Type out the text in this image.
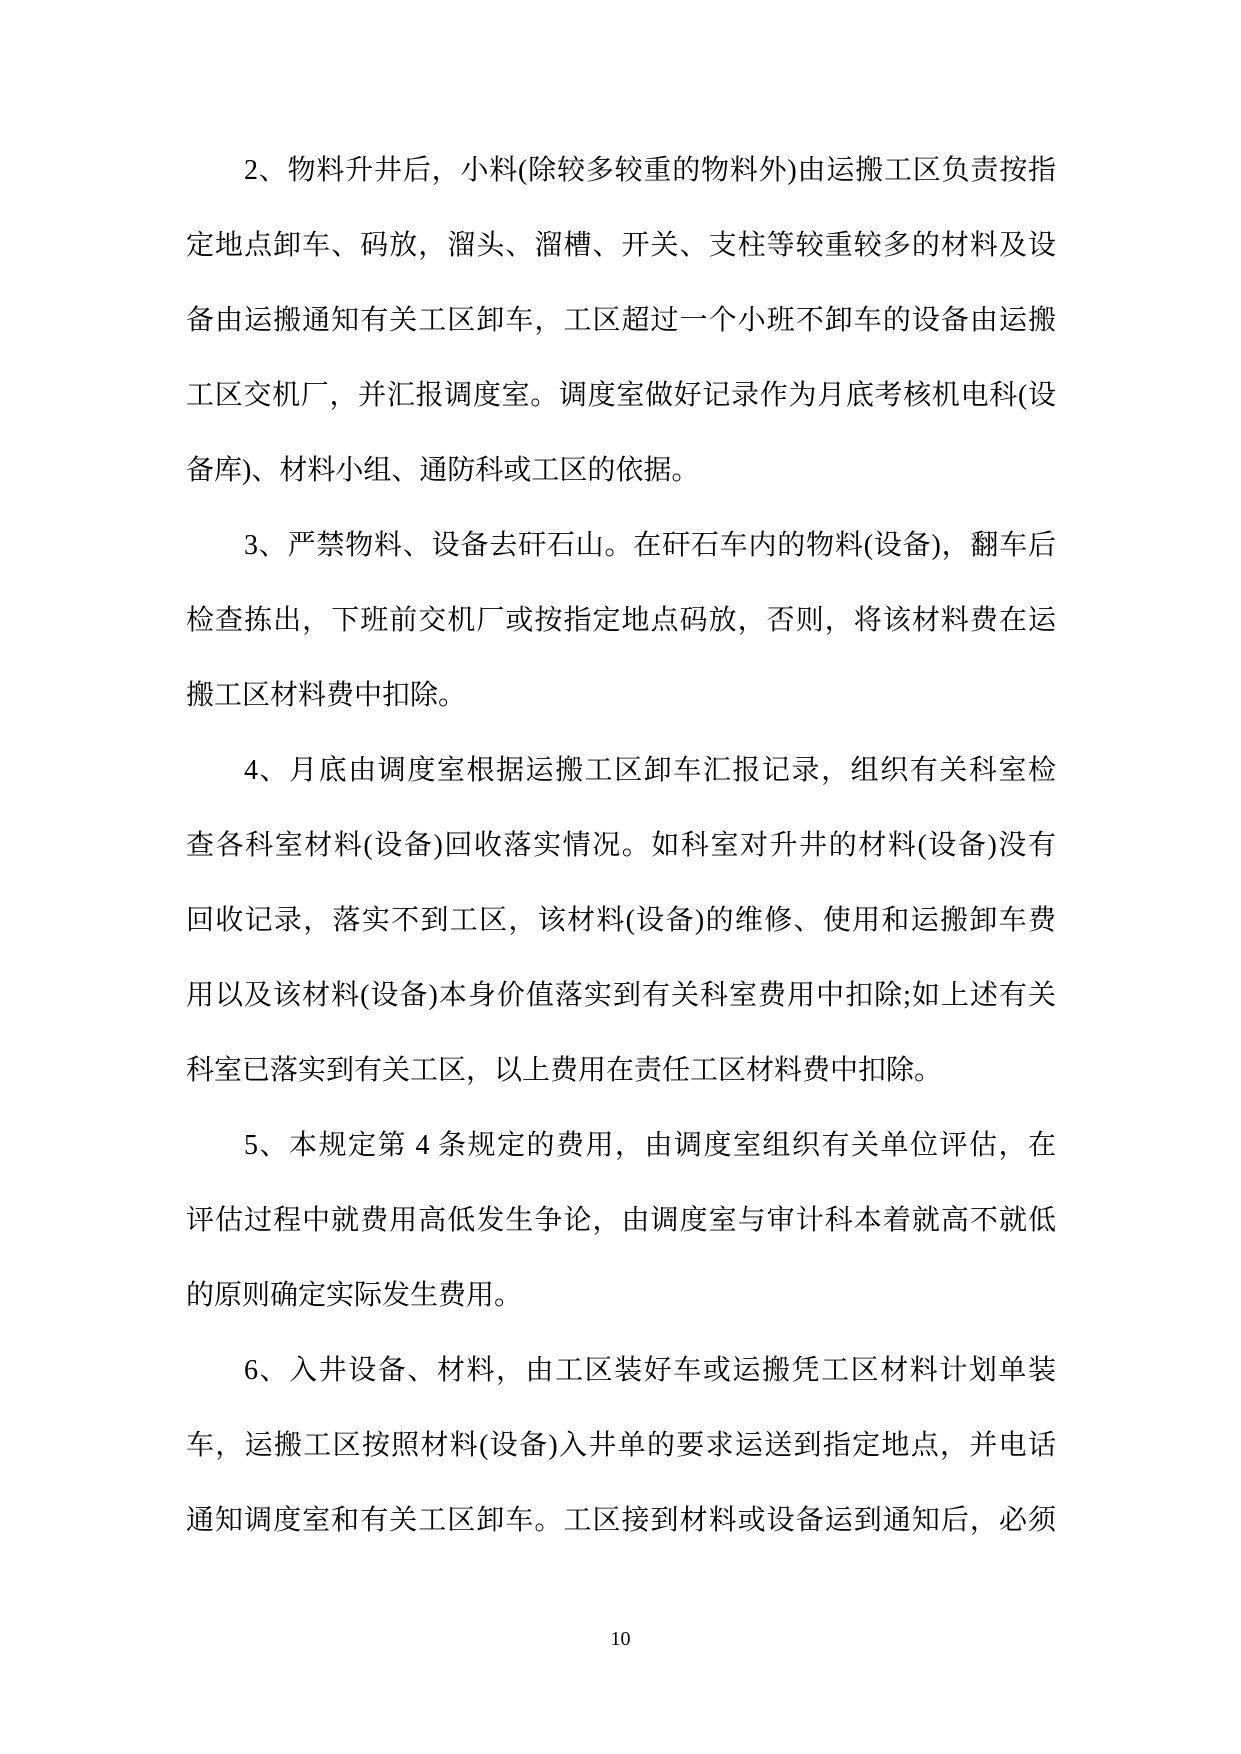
2、物料升井后，小料(除较多较重的物料外)由运搬工区负责按指
定地点卸车、码放，溜头、溜槽、开关、支柱等较重较多的材料及设
备由运搬通知有关工区卸车，工区超过一个小班不卸车的设备由运搬
工区交机厂，并汇报调度室。调度室做好记录作为月底考核机电科(设
备库)、材料小组、通防科或工区的依据。
3、严禁物料、设备去矸石山。在矸石车内的物料(设备)，翻车后
检查拣出，下班前交机厂或按指定地点码放，否则，将该材料费在运
搬工区材料费中扣除。
4、月底由调度室根据运搬工区卸车汇报记录，组织有关科室检
查各科室材料(设备)回收落实情况。如科室对升井的材料(设备)没有
回收记录，落实不到工区，该材料(设备)的维修、使用和运搬卸车费
用以及该材料(设备)本身价值落实到有关科室费用中扣除;如上述有关
科室已落实到有关工区，以上费用在责任工区材料费中扣除。
5、本规定第 4 条规定的费用，由调度室组织有关单位评估，在
评估过程中就费用高低发生争论，由调度室与审计科本着就高不就低
的原则确定实际发生费用。
6、入井设备、材料，由工区装好车或运搬凭工区材料计划单装
车，运搬工区按照材料(设备)入井单的要求运送到指定地点，并电话
通知调度室和有关工区卸车。工区接到材料或设备运到通知后，必须
10
